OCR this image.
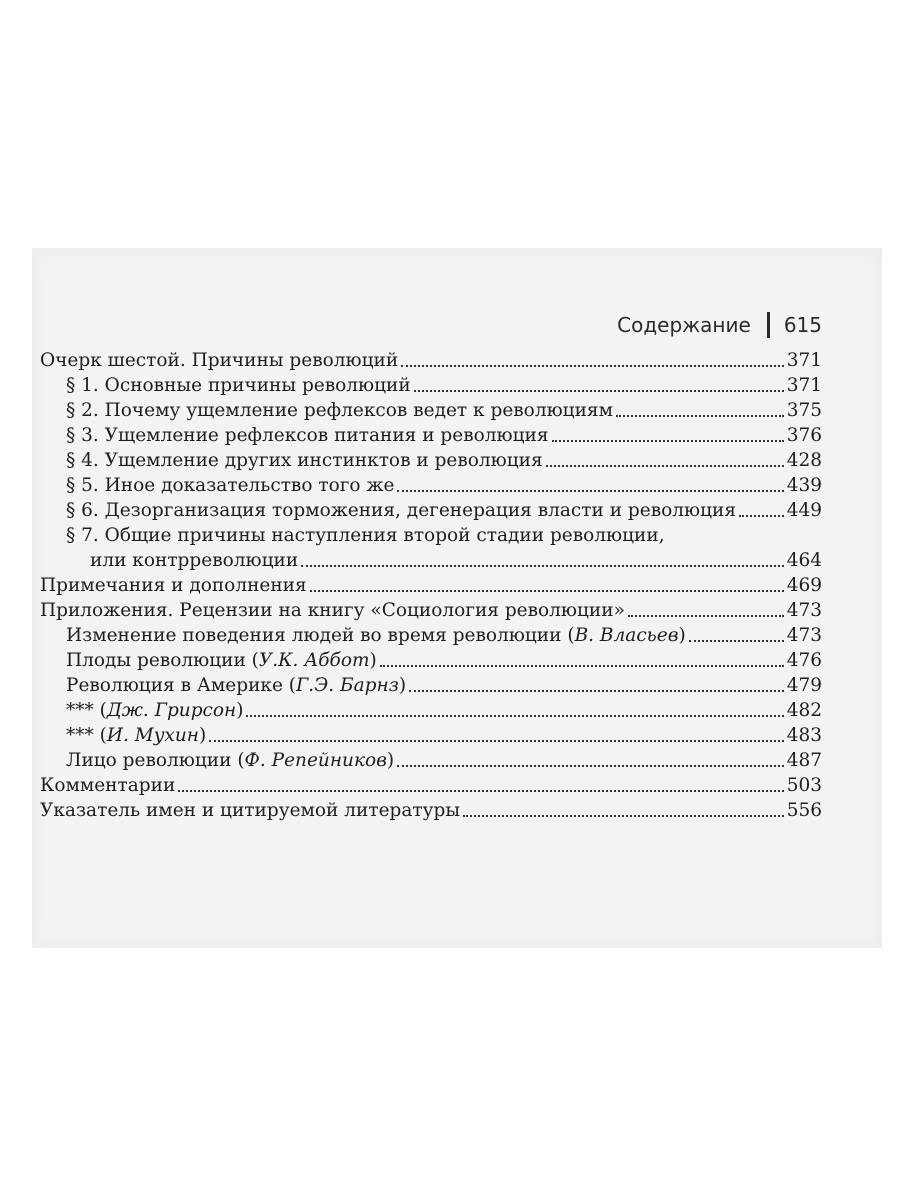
Содержание 615
Очерк шестой. Причины революций	371
§ 1. Основные причины революций	371
§ 2. Почему ущемление рефлексов ведет к революциям	375
§ 3. Ущемление рефлексов питания и революция	376
§ 4. Ущемление других инстинктов и революция	428
§ 5. Иное доказательство того же	439
§ 6. Дезорганизация торможения, дегенерация власти и революция	449
§ 7. Общие причины наступления второй стадии революции,
или контрреволюции	464
Примечания и дополнения	469
Приложения. Рецензии на книгу «Социология революции»	473
Изменение поведения людей во время революции (В. Власьев)	473
Плоды революции (У.К. Аббот)	476
Революция в Америке (Г.Э. Барнз)	479
*** (Дж. Грирсон)	482
*** (И. Мухин)	483
Лицо революции (Ф. Репейников)	487
Комментарии	503
Указатель имен и цитируемой литературы	556
